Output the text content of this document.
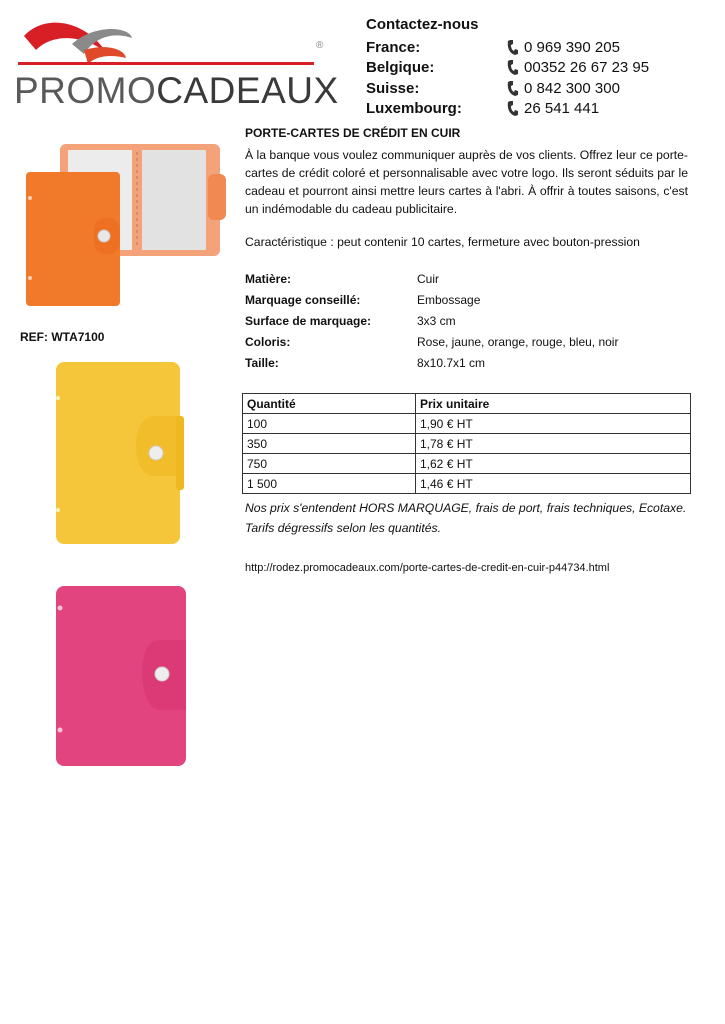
PROMOCADEAUX
®
Contactez-nous
France:	0 969 390 205
Belgique:	00352 26 67 23 95
Suisse:	0 842 300 300
Luxembourg:	26 541 441
REF: WTA7100
PORTE-CARTES DE CRÉDIT EN CUIR

À la banque vous voulez communiquer auprès de vos clients. Offrez leur ce porte-cartes de crédit coloré et personnalisable avec votre logo. Ils seront séduits par le cadeau et pourront ainsi mettre leurs cartes à l'abri. À offrir à toutes saisons, c'est un indémodable du cadeau publicitaire.

Caractéristique : peut contenir 10 cartes, fermeture avec bouton-pression

Matière:	Cuir
Marquage conseillé:	Embossage
Surface de marquage:	3x3 cm
Coloris:	Rose, jaune, orange, rouge, bleu, noir
Taille:	8x10.7x1 cm
Quantité	Prix unitaire
100	1,90 € HT
350	1,78 € HT
750	1,62 € HT
1 500	1,46 € HT

Nos prix s'entendent HORS MARQUAGE, frais de port, frais techniques, Ecotaxe.
Tarifs dégressifs selon les quantités.

http://rodez.promocadeaux.com/porte-cartes-de-credit-en-cuir-p44734.html
